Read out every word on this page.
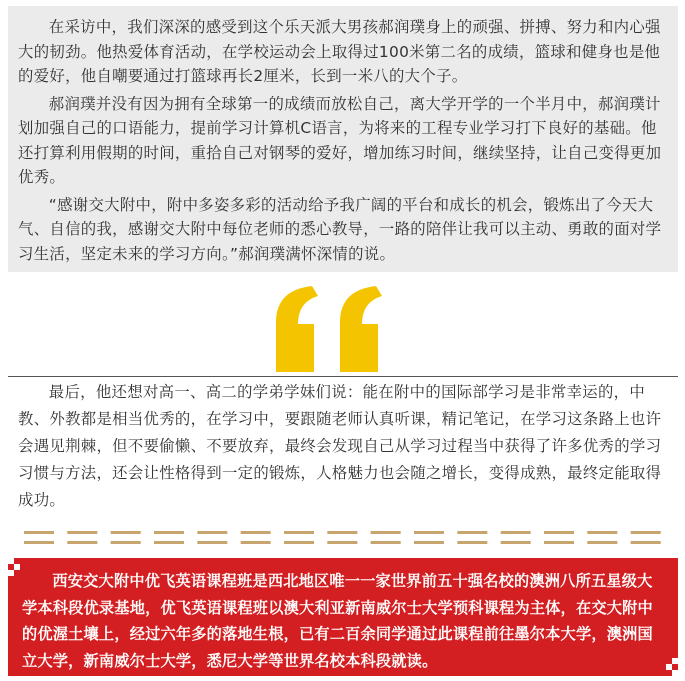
在采访中，我们深深的感受到这个乐天派大男孩郝润璞身上的顽强、拼搏、努力和内心强大的韧劲。他热爱体育活动，在学校运动会上取得过100米第二名的成绩，篮球和健身也是他的爱好，他自嘲要通过打篮球再长2厘米，长到一米八的大个子。

郝润璞并没有因为拥有全球第一的成绩而放松自己，离大学开学的一个半月中，郝润璞计划加强自己的口语能力，提前学习计算机C语言，为将来的工程专业学习打下良好的基础。他还打算利用假期的时间，重拾自己对钢琴的爱好，增加练习时间，继续坚持，让自己变得更加优秀。

“感谢交大附中，附中多姿多彩的活动给予我广阔的平台和成长的机会，锻炼出了今天大气、自信的我，感谢交大附中每位老师的悉心教导，一路的陪伴让我可以主动、勇敢的面对学习生活，坚定未来的学习方向。”郝润璞满怀深情的说。

最后，他还想对高一、高二的学弟学妹们说：能在附中的国际部学习是非常幸运的，中教、外教都是相当优秀的，在学习中，要跟随老师认真听课，精记笔记，在学习这条路上也许会遇见荆棘，但不要偷懒、不要放弃，最终会发现自己从学习过程当中获得了许多优秀的学习习惯与方法，还会让性格得到一定的锻炼，人格魅力也会随之增长，变得成熟，最终定能取得成功。

西安交大附中优飞英语课程班是西北地区唯一一家世界前五十强名校的澳洲八所五星级大学本科段优录基地，优飞英语课程班以澳大利亚新南威尔士大学预科课程为主体，在交大附中的优渥土壤上，经过六年多的落地生根，已有二百余同学通过此课程前往墨尔本大学，澳洲国立大学，新南威尔士大学，悉尼大学等世界名校本科段就读。
